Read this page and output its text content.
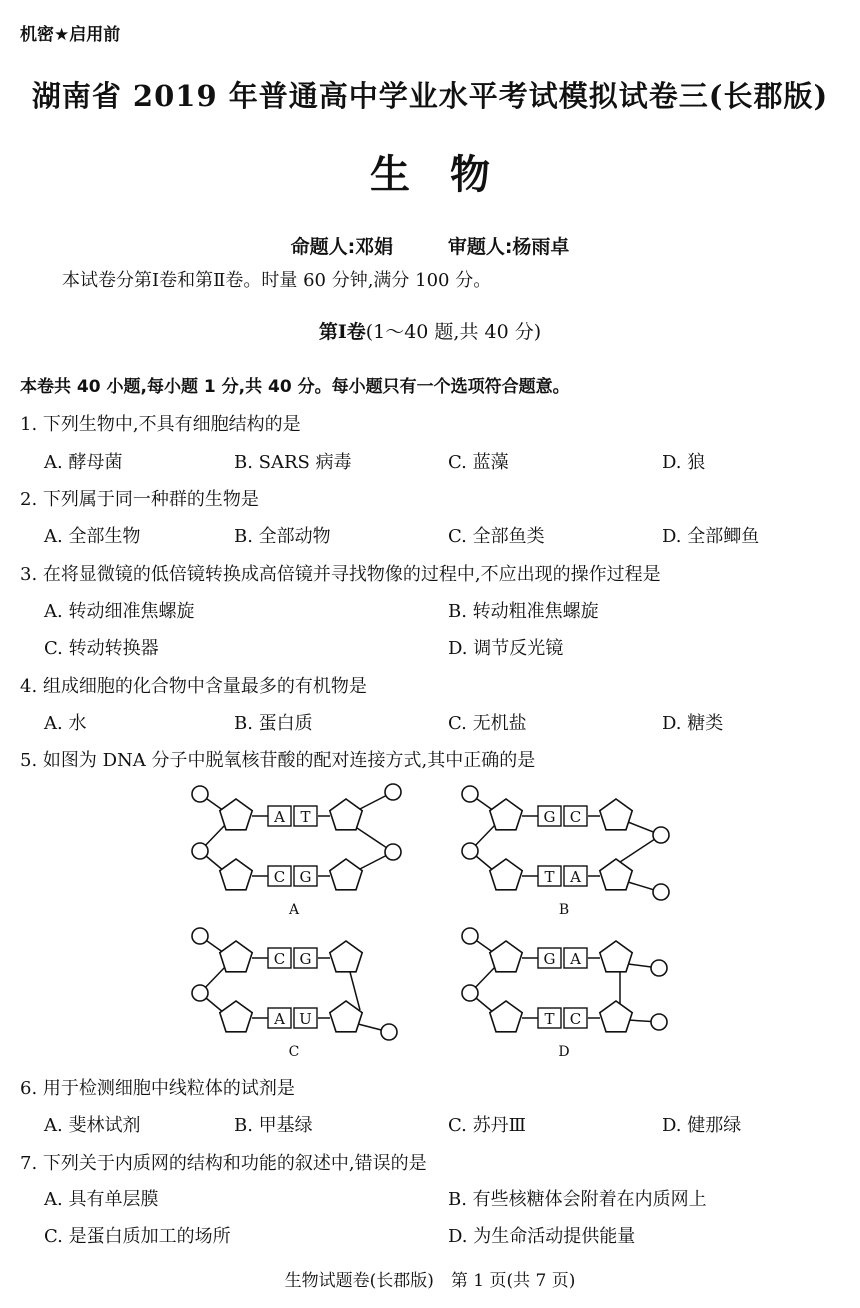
机密★启用前
湖南省 2019 年普通高中学业水平考试模拟试卷三(长郡版)
生物
命题人:邓娟	审题人:杨雨卓
本试卷分第Ⅰ卷和第Ⅱ卷。时量 60 分钟,满分 100 分。
第Ⅰ卷(1～40 题,共 40 分)
本卷共 40 小题,每小题 1 分,共 40 分。每小题只有一个选项符合题意。
1. 下列生物中,不具有细胞结构的是
A. 酵母菌	B. SARS 病毒	C. 蓝藻	D. 狼
2. 下列属于同一种群的生物是
A. 全部生物	B. 全部动物	C. 全部鱼类	D. 全部鲫鱼
3. 在将显微镜的低倍镜转换成高倍镜并寻找物像的过程中,不应出现的操作过程是
A. 转动细准焦螺旋	B. 转动粗准焦螺旋
C. 转动转换器	D. 调节反光镜
4. 组成细胞的化合物中含量最多的有机物是
A. 水	B. 蛋白质	C. 无机盐	D. 糖类
5. 如图为 DNA 分子中脱氧核苷酸的配对连接方式,其中正确的是
A T
C G
A
G C
T A
B
C G
A U
C
G A
T C
D
6. 用于检测细胞中线粒体的试剂是
A. 斐林试剂	B. 甲基绿	C. 苏丹Ⅲ	D. 健那绿
7. 下列关于内质网的结构和功能的叙述中,错误的是
A. 具有单层膜	B. 有些核糖体会附着在内质网上
C. 是蛋白质加工的场所	D. 为生命活动提供能量
生物试题卷(长郡版)　第 1 页(共 7 页)
